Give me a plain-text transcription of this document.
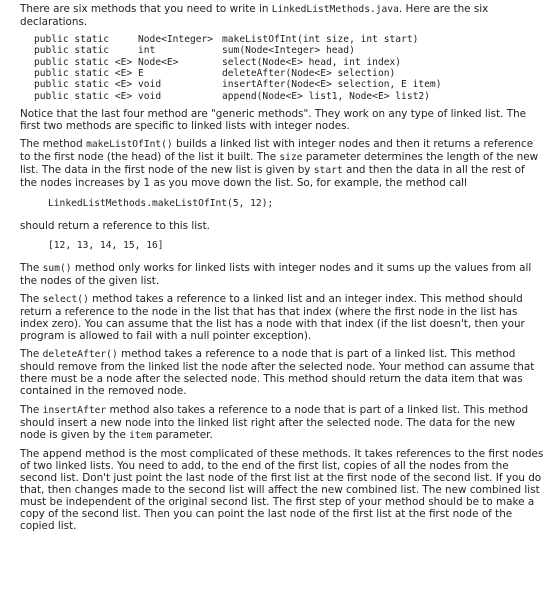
There are six methods that you need to write in LinkedListMethods.java. Here are the six declarations.

public static	Node<Integer> makeListOfInt(int size, int start)
public static	int	sum(Node<Integer> head)
public static <E> Node<E>	select(Node<E> head, int index)
public static <E> E	deleteAfter(Node<E> selection)
public static <E> void	insertAfter(Node<E> selection, E item)
public static <E> void	append(Node<E> list1, Node<E> list2)

Notice that the last four method are "generic methods". They work on any type of linked list. The first two methods are specific to linked lists with integer nodes.

The method makeListOfInt() builds a linked list with integer nodes and then it returns a reference to the first node (the head) of the list it built. The size parameter determines the length of the new list. The data in the first node of the new list is given by start and then the data in all the rest of the nodes increases by 1 as you move down the list. So, for example, the method call

LinkedListMethods.makeListOfInt(5, 12);

should return a reference to this list.

[12, 13, 14, 15, 16]

The sum() method only works for linked lists with integer nodes and it sums up the values from all the nodes of the given list.

The select() method takes a reference to a linked list and an integer index. This method should return a reference to the node in the list that has that index (where the first node in the list has index zero). You can assume that the list has a node with that index (if the list doesn't, then your program is allowed to fail with a null pointer exception).

The deleteAfter() method takes a reference to a node that is part of a linked list. This method should remove from the linked list the node after the selected node. Your method can assume that there must be a node after the selected node. This method should return the data item that was contained in the removed node.

The insertAfter method also takes a reference to a node that is part of a linked list. This method should insert a new node into the linked list right after the selected node. The data for the new node is given by the item parameter.

The append method is the most complicated of these methods. It takes references to the first nodes of two linked lists. You need to add, to the end of the first list, copies of all the nodes from the second list. Don't just point the last node of the first list at the first node of the second list. If you do that, then changes made to the second list will affect the new combined list. The new combined list must be independent of the original second list. The first step of your method should be to make a copy of the second list. Then you can point the last node of the first list at the first node of the copied list.
